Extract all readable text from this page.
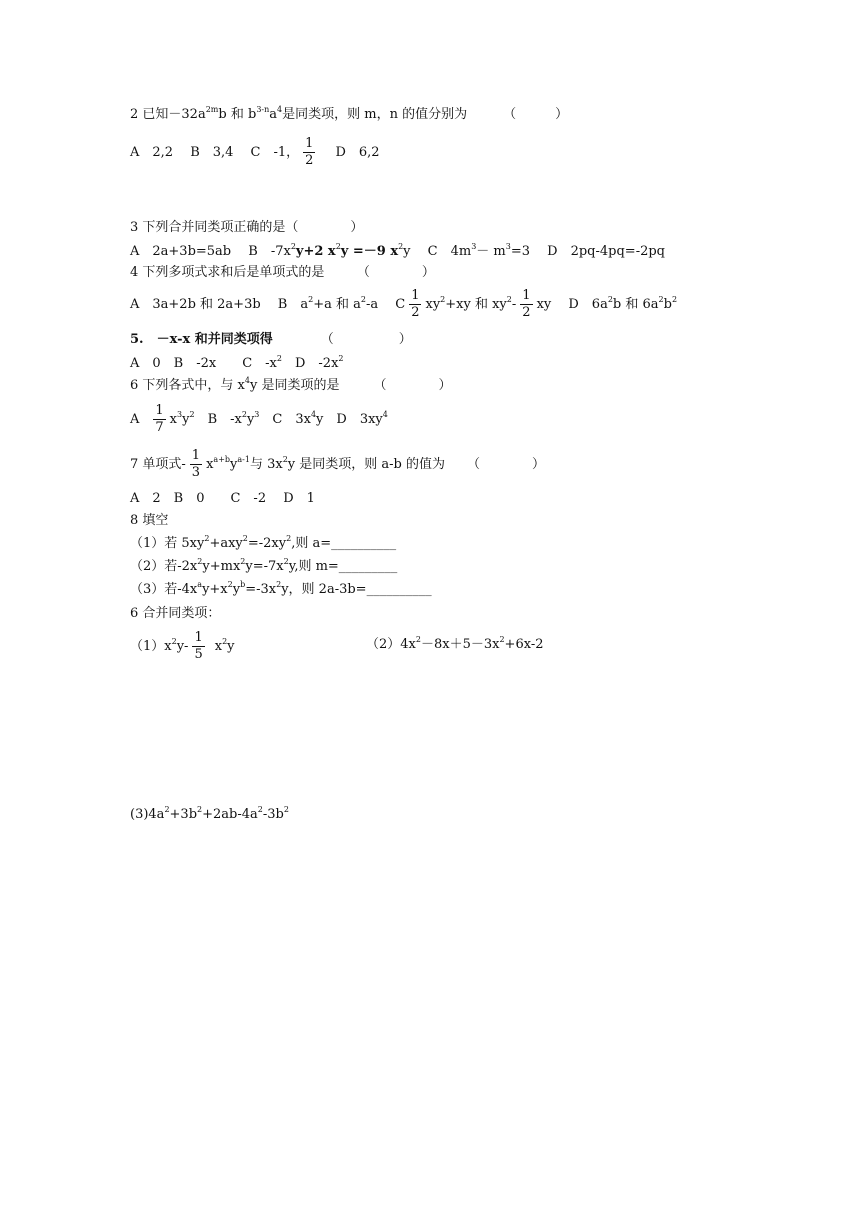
2 已知$-32a^{2m}b$ 和 $b^{3-n}a^4$是同类项，则 m，n 的值分别为	（　　　）
A　2,2　 B　3,4　 C　-1， $\frac{1}{2}$ D　6,2
3 下列合并同类项正确的是（　　　　）
A　2a+3b=5ab　 B　$-7x^2y+2$ $x^2y =-9$ $x^2y$　 C　$4m^3- m^3=3$　 D　2pq-4pq=-2pq
4 下列多项式求和后是单项式的是　　　（　　　　）
A　3a+2b 和 2a+3b　 B　$a^2+a$ 和 $a^2-a$　 C $\frac{1}{2} xy^2+xy$ 和 $xy^2- \frac{1}{2}$ xy　 D　$6a^2b$ 和 $6a^2b^2$
5.　－x-x 和并同类项得	（　　　　　）
A　0　B　-2x　　C　$-x^2$　D　$-2x^2$
6 下列各式中，与 $x^4y$ 是同类项的是	（　　　　）
A $\frac{1}{7} x^3y^2$　B　$-x^2y^3$　C　$3x^4y$　D　$3xy^4$
7 单项式- $\frac{1}{3} x^{a+b}y^{a-1}$与 $3x^2y$ 是同类项，则 a-b 的值为 （　　　　）
A　2　B　0　　C　-2　 D　1
8 填空
（1）若 $5xy^2+axy^2=-2xy^2$,则 a=__________
（2）若$-2x^2y+mx^2y=-7x^2y$,则 m=_________
（3）若$-4x^ay+x^2y^b=-3x^2y$，则 2a-3b=__________
6 合并同类项：
$(1)x^2y- \frac{1}{5} x^2y$	$(2)4x^2-8x+5-3x^2+6x-2$
$(3)4a^2+3b^2+2ab-4a^2-3b^2$
